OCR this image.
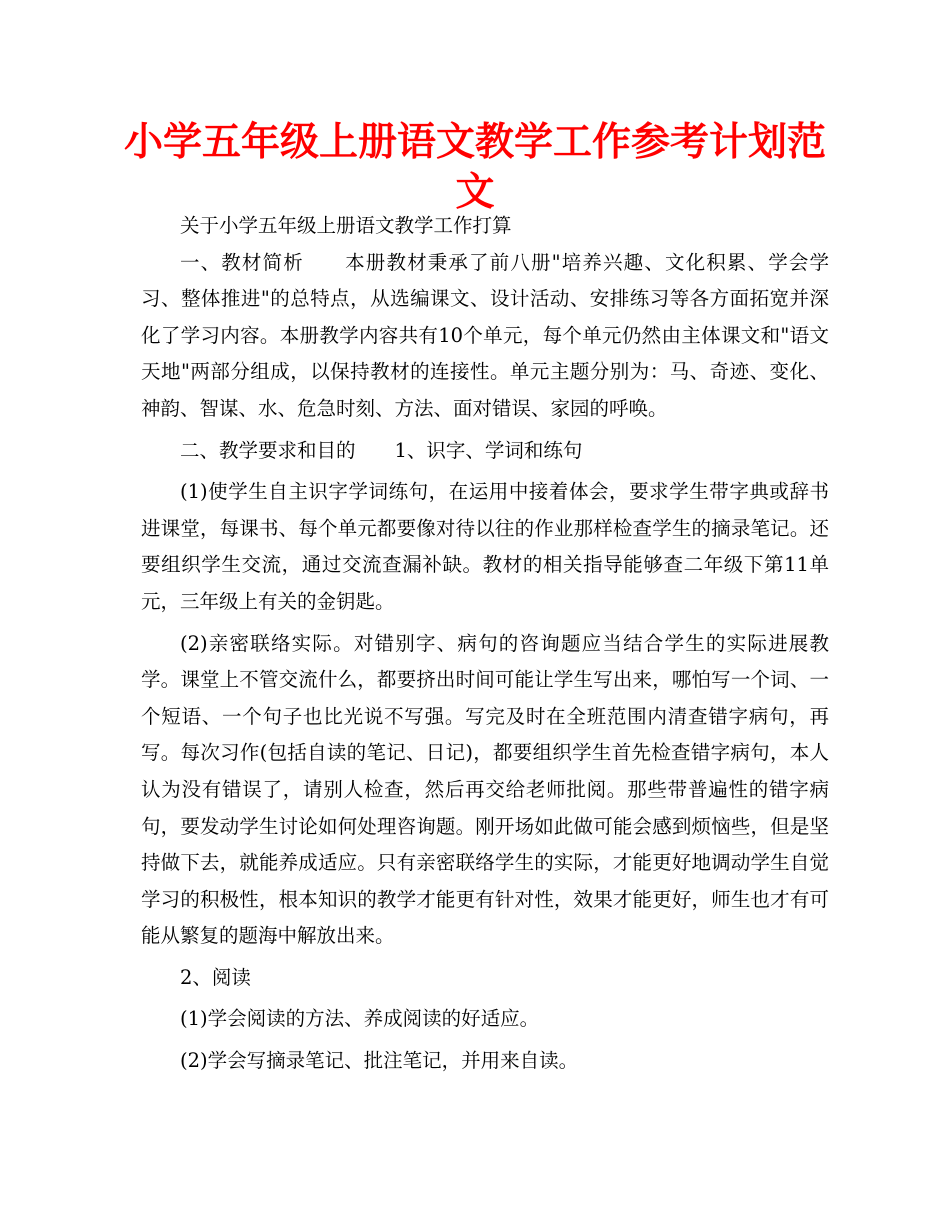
小学五年级上册语文教学工作参考计划范文

关于小学五年级上册语文教学工作打算

一、教材简析　　本册教材秉承了前八册"培养兴趣、文化积累、学会学习、整体推进"的总特点，从选编课文、设计活动、安排练习等各方面拓宽并深化了学习内容。本册教学内容共有10个单元，每个单元仍然由主体课文和"语文天地"两部分组成，以保持教材的连接性。单元主题分别为：马、奇迹、变化、神韵、智谋、水、危急时刻、方法、面对错误、家园的呼唤。

二、教学要求和目的　　1、识字、学词和练句

(1)使学生自主识字学词练句，在运用中接着体会，要求学生带字典或辞书进课堂，每课书、每个单元都要像对待以往的作业那样检查学生的摘录笔记。还要组织学生交流，通过交流查漏补缺。教材的相关指导能够查二年级下第11单元，三年级上有关的金钥匙。

(2)亲密联络实际。对错别字、病句的咨询题应当结合学生的实际进展教学。课堂上不管交流什么，都要挤出时间可能让学生写出来，哪怕写一个词、一个短语、一个句子也比光说不写强。写完及时在全班范围内清查错字病句，再写。每次习作(包括自读的笔记、日记)，都要组织学生首先检查错字病句，本人认为没有错误了，请别人检查，然后再交给老师批阅。那些带普遍性的错字病句，要发动学生讨论如何处理咨询题。刚开场如此做可能会感到烦恼些，但是坚持做下去，就能养成适应。只有亲密联络学生的实际，才能更好地调动学生自觉学习的积极性，根本知识的教学才能更有针对性，效果才能更好，师生也才有可能从繁复的题海中解放出来。

2、阅读

(1)学会阅读的方法、养成阅读的好适应。

(2)学会写摘录笔记、批注笔记，并用来自读。
